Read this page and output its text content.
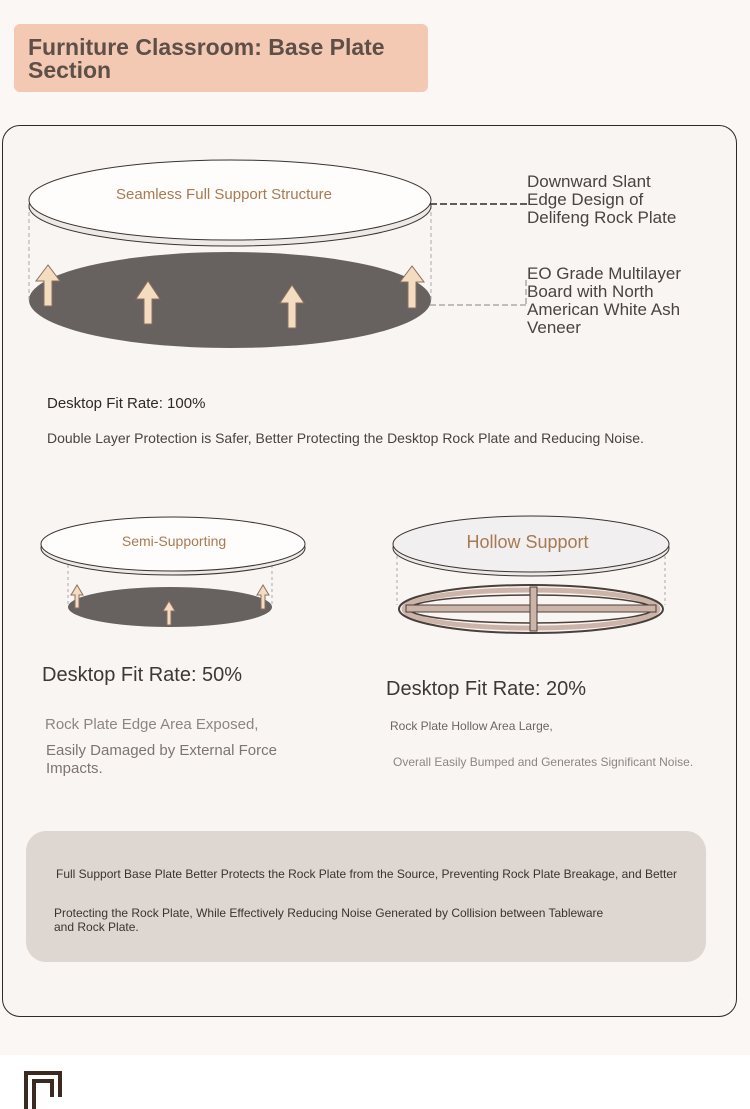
Furniture Classroom: Base Plate Section
Seamless Full Support Structure
Downward Slant Edge Design of Delifeng Rock Plate
EO Grade Multilayer Board with North American White Ash Veneer
Desktop Fit Rate: 100%
Double Layer Protection is Safer, Better Protecting the Desktop Rock Plate and Reducing Noise.
Semi-Supporting	Hollow Support
Desktop Fit Rate: 50%
Rock Plate Edge Area Exposed,
Easily Damaged by External Force Impacts.
Desktop Fit Rate: 20%
Rock Plate Hollow Area Large,
Overall Easily Bumped and Generates Significant Noise.
Full Support Base Plate Better Protects the Rock Plate from the Source, Preventing Rock Plate Breakage, and Better
Protecting the Rock Plate, While Effectively Reducing Noise Generated by Collision between Tableware and Rock Plate.
